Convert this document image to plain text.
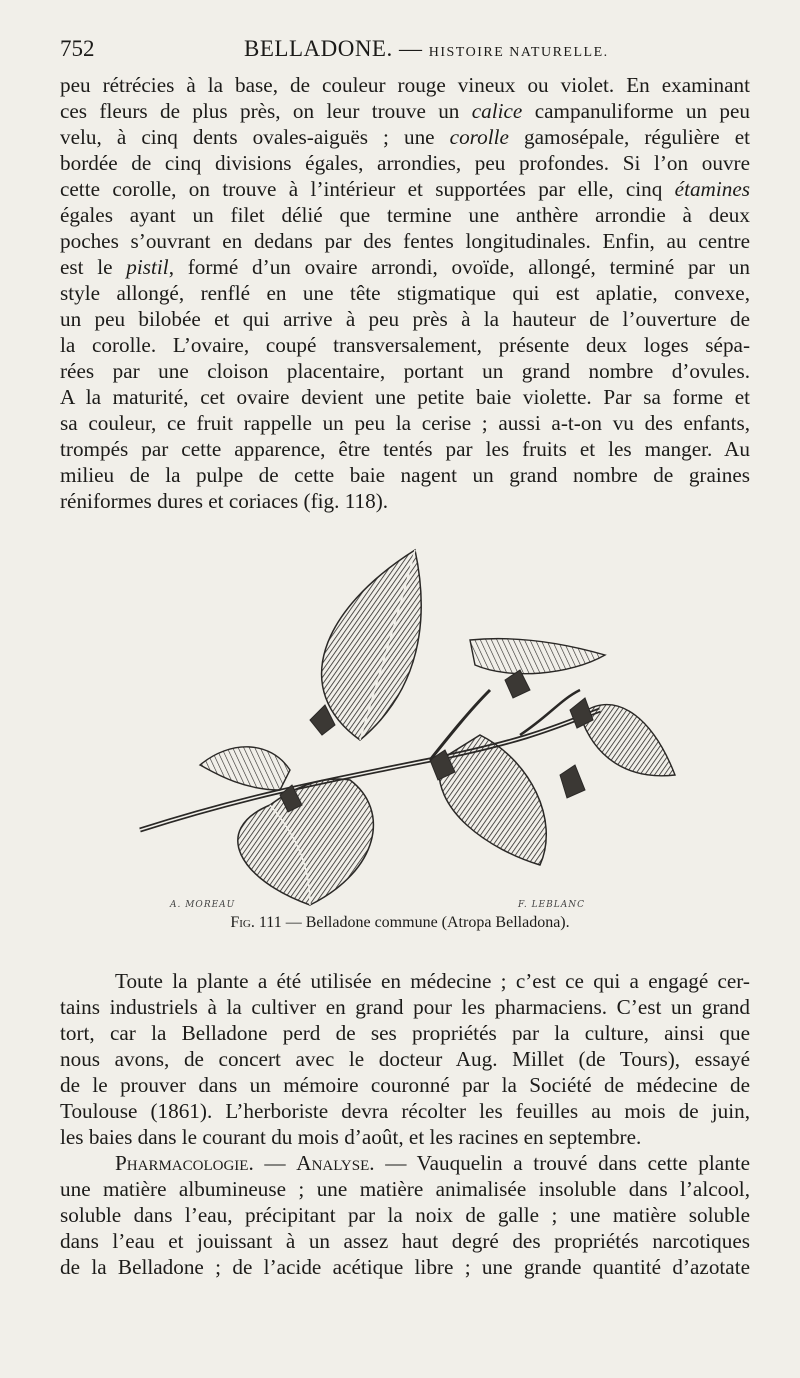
752	BELLADONE. — HISTOIRE NATURELLE.
peu rétrécies à la base, de couleur rouge vineux ou violet. En examinant
ces fleurs de plus près, on leur trouve un calice campanuliforme un peu
velu, à cinq dents ovales-aiguës ; une corolle gamosépale, régulière et
bordée de cinq divisions égales, arrondies, peu profondes. Si l’on ouvre
cette corolle, on trouve à l’intérieur et supportées par elle, cinq étamines
égales ayant un filet délié que termine une anthère arrondie à deux
poches s’ouvrant en dedans par des fentes longitudinales. Enfin, au centre
est le pistil, formé d’un ovaire arrondi, ovoïde, allongé, terminé par un
style allongé, renflé en une tête stigmatique qui est aplatie, convexe,
un peu bilobée et qui arrive à peu près à la hauteur de l’ouverture de
la corolle. L’ovaire, coupé transversalement, présente deux loges sépa-
rées par une cloison placentaire, portant un grand nombre d’ovules.
A la maturité, cet ovaire devient une petite baie violette. Par sa forme et
sa couleur, ce fruit rappelle un peu la cerise ; aussi a-t-on vu des enfants,
trompés par cette apparence, être tentés par les fruits et les manger. Au
milieu de la pulpe de cette baie nagent un grand nombre de graines
réniformes dures et coriaces (fig. 118).
A. MOREAU	F. LEBLANC
Fig. 111 — Belladone commune (Atropa Belladona).
Toute la plante a été utilisée en médecine ; c’est ce qui a engagé cer-
tains industriels à la cultiver en grand pour les pharmaciens. C’est un grand
tort, car la Belladone perd de ses propriétés par la culture, ainsi que
nous avons, de concert avec le docteur Aug. Millet (de Tours), essayé
de le prouver dans un mémoire couronné par la Société de médecine de
Toulouse (1861). L’herboriste devra récolter les feuilles au mois de juin,
les baies dans le courant du mois d’août, et les racines en septembre.
Pharmacologie. — Analyse. — Vauquelin a trouvé dans cette plante
une matière albumineuse ; une matière animalisée insoluble dans l’alcool,
soluble dans l’eau, précipitant par la noix de galle ; une matière soluble
dans l’eau et jouissant à un assez haut degré des propriétés narcotiques
de la Belladone ; de l’acide acétique libre ; une grande quantité d’azotate
